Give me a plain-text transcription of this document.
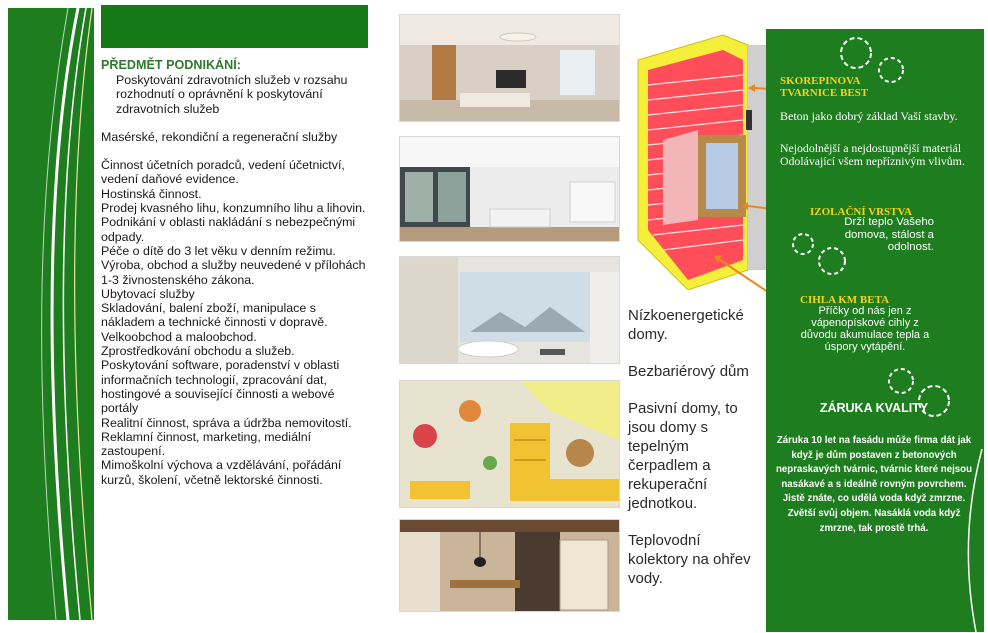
PŘEDMĚT PODNIKÁNÍ:

Poskytování zdravotních služeb v rozsahu rozhodnutí o oprávnění k poskytování zdravotních služeb

Masérské, rekondiční a regenerační služby

Činnost účetních poradců, vedení účetnictví, vedení daňové evidence.

Hostinská činnost.

Prodej kvasného lihu, konzumního lihu a lihovin.

Podnikání v oblasti nakládání s nebezpečnými odpady.

Péče o dítě do 3 let věku v denním režimu.

Výroba, obchod a služby neuvedené v přílohách 1-3 živnostenského zákona.

Ubytovací služby

Skladování, balení zboží, manipulace s nákladem a technické činnosti v dopravě.

Velkoobchod a maloobchod.

Zprostředkování obchodu a služeb.

Poskytování software, poradenství v oblasti informačních technologií, zpracování dat, hostingové a související činnosti a webové portály

Realitní činnost, správa a údržba nemovitostí.

Reklamní činnost, marketing, mediální zastoupení.

Mimoškolní výchova a vzdělávání, pořádání kurzů, školení, včetně lektorské činnosti.

Nízkoenergetické domy.

Bezbariérový dům

Pasivní domy, to jsou domy s tepelným čerpadlem a rekuperační jednotkou.

Teplovodní kolektory na ohřev vody.

SKOREPINOVA TVARNICE BEST
Beton jako dobrý základ Vaší stavby.
Nejodolnější a nejdostupnější materiál Odolávající všem nepříznivým vlivům.
IZOLAČNÍ VRSTVA
Drží teplo Vašeho domova, stálost a odolnost.
CIHLA KM BETA
Příčky od nás jen z vápenopískové cihly z důvodu akumulace tepla a úspory vytápění.
ZÁRUKA KVALITY
Záruka 10 let na fasádu může firma dát jak když je dům postaven z betonových nepraskavých tvárnic, tvárnic které nejsou nasákavé a s ideálně rovným povrchem. Jistě znáte, co udělá voda když zmrzne. Zvětší svůj objem. Nasáklá voda když zmrzne, tak prostě trhá.
